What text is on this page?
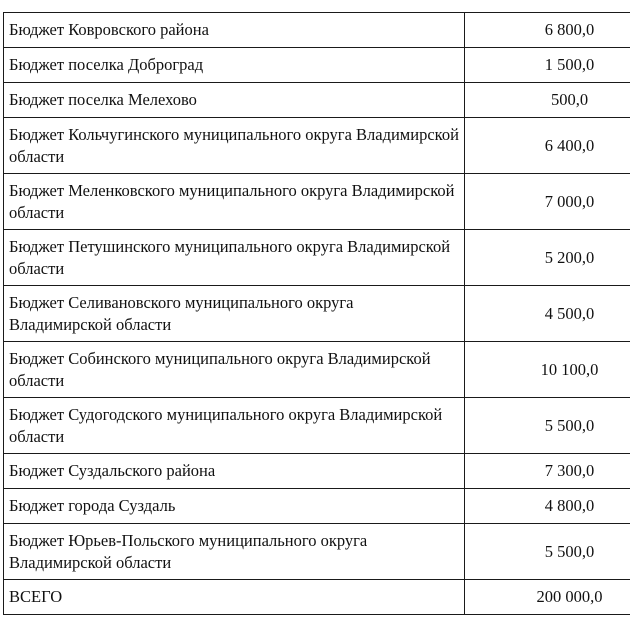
Бюджет Ковровского района	6 800,0

Бюджет поселка Доброград	1 500,0

Бюджет поселка Мелехово	500,0

Бюджет Кольчугинского муниципального округа Владимирской области	6 400,0

Бюджет Меленковского муниципального округа Владимирской области	7 000,0

Бюджет Петушинского муниципального округа Владимирской области	5 200,0

Бюджет Селивановского муниципального округа Владимирской области	4 500,0

Бюджет Собинского муниципального округа Владимирской области	10 100,0

Бюджет Судогодского муниципального округа Владимирской области	5 500,0

Бюджет Суздальского района	7 300,0

Бюджет города Суздаль	4 800,0

Бюджет Юрьев-Польского муниципального округа Владимирской области	5 500,0

ВСЕГО	200 000,0
